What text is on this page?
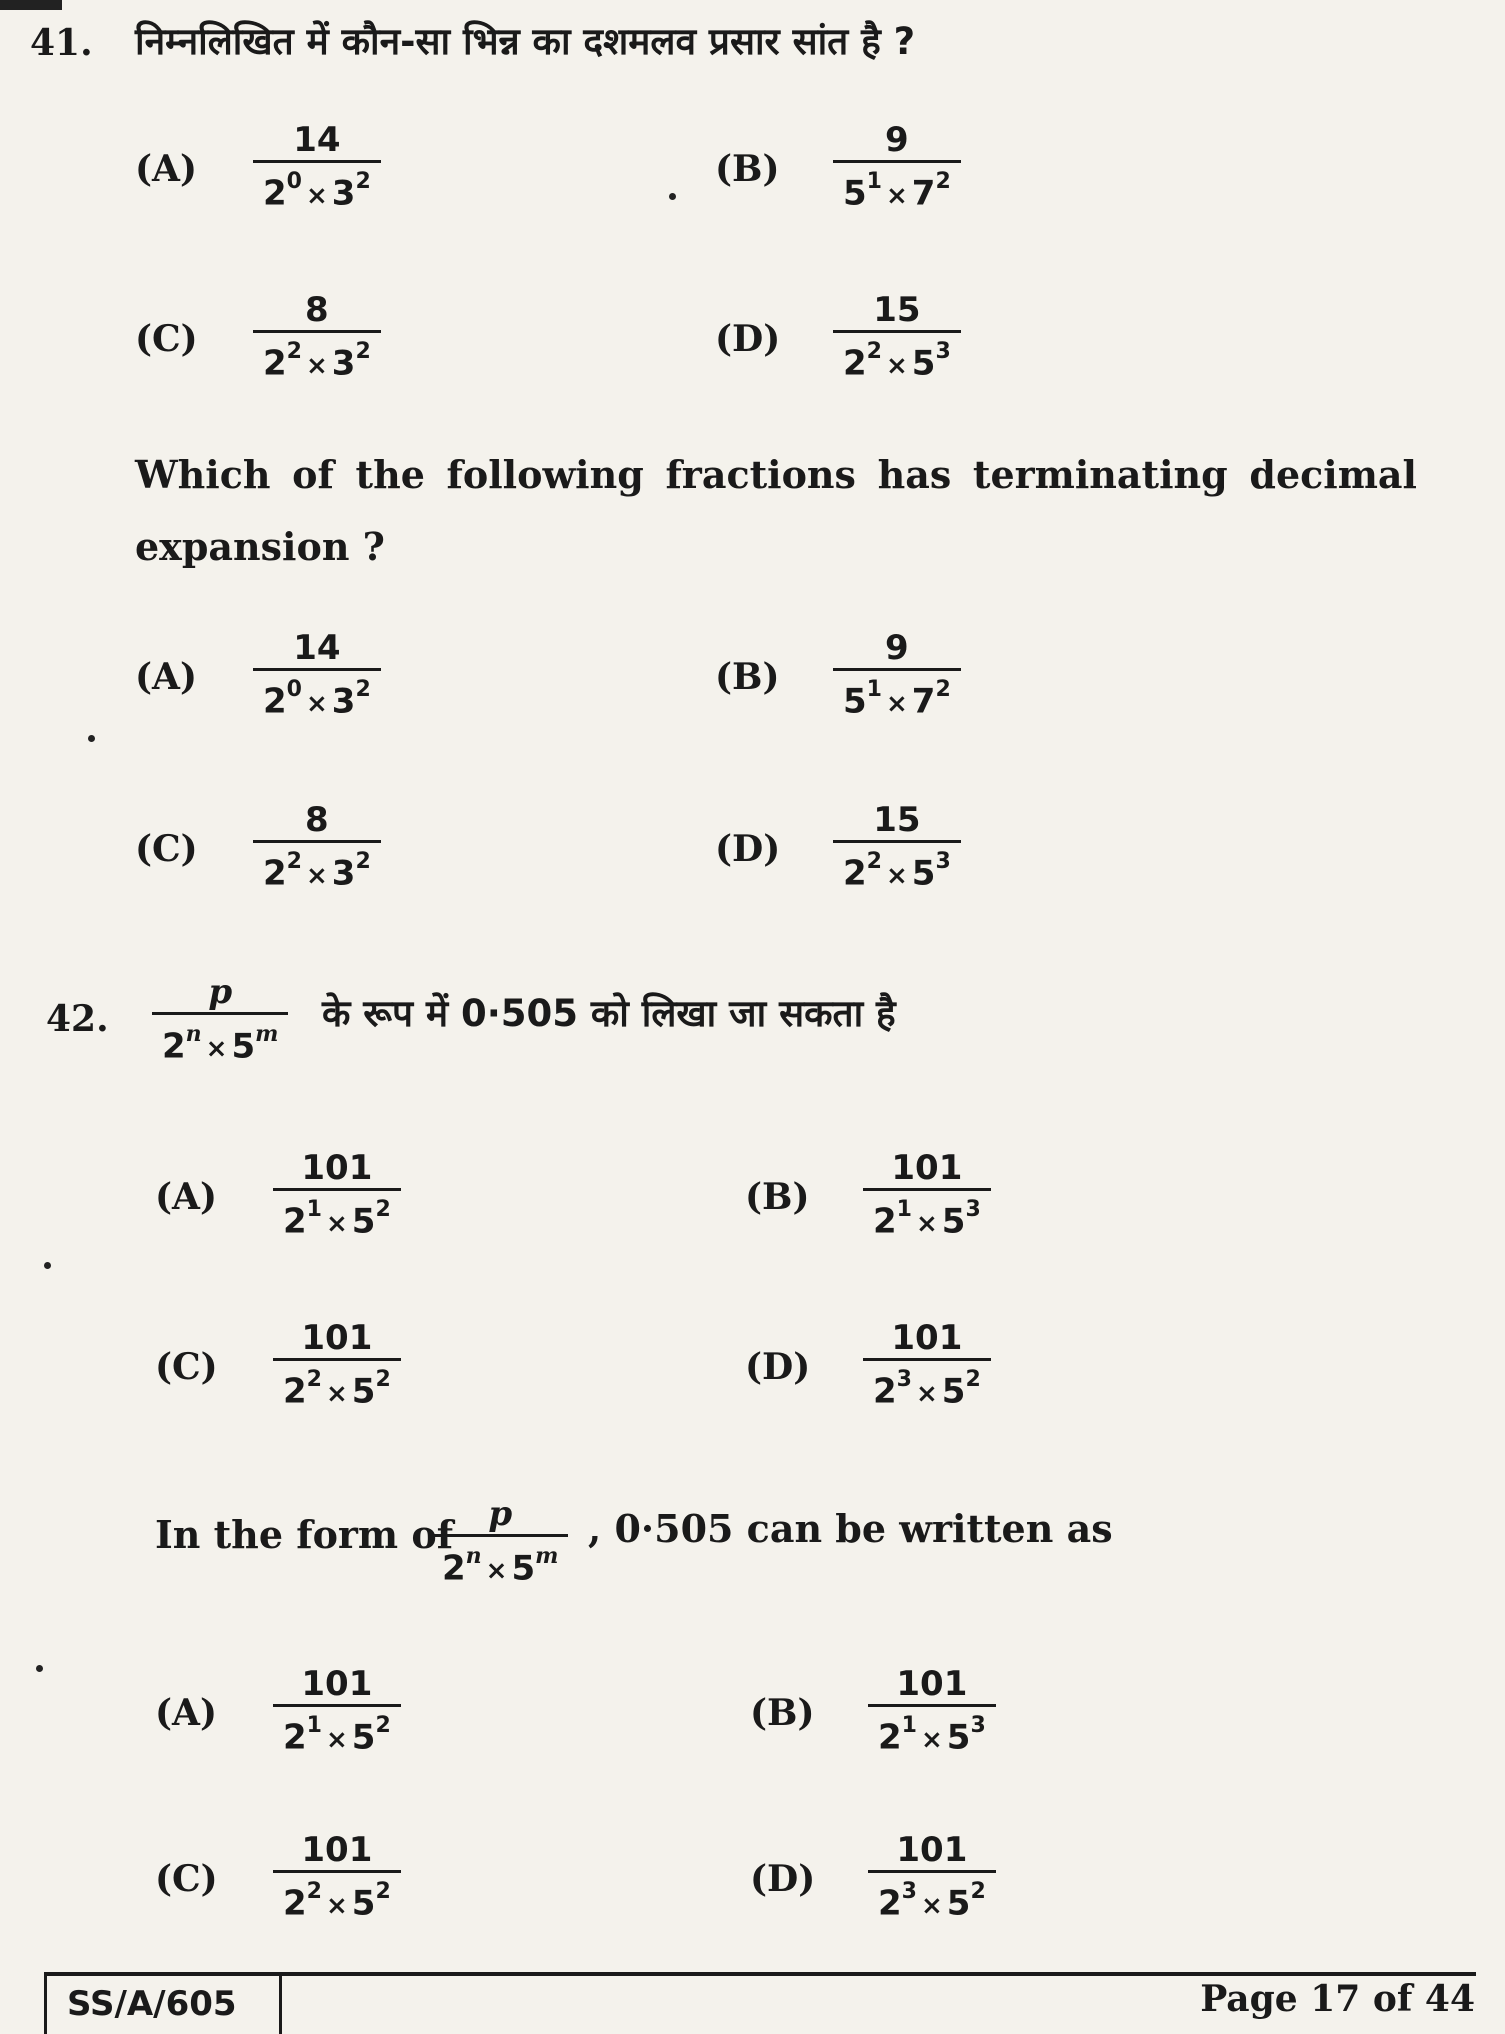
41. निम्नलिखित में कौन-सा भिन्न का दशमलव प्रसार सांत है ?
(A)	$\frac{14}{2^0 \times 3^2}$	(B)	$\frac{9}{5^1 \times 7^2}$
(C)	$\frac{8}{2^2 \times 3^2}$	(D)	$\frac{15}{2^2 \times 5^3}$
Which of the following fractions has terminating decimal
expansion ?
(A)	$\frac{14}{2^0 \times 3^2}$	(B)	$\frac{9}{5^1 \times 7^2}$
(C)	$\frac{8}{2^2 \times 3^2}$	(D)	$\frac{15}{2^2 \times 5^3}$
42. $\frac{p}{2^n\times 5^m}$ के रूप में 0·505 को लिखा जा सकता है
(A)	$\frac{101}{2^1 \times 5^2}$	(B)	$\frac{101}{2^1 \times 5^3}$
(C)	$\frac{101}{2^2 \times 5^2}$	(D)	$\frac{101}{2^3 \times 5^2}$
In the form of
$\frac{p}{2^n\times 5^m}$ , 0·505 can be written as
(A)	$\frac{101}{2^1 \times 5^2}$	(B)	$\frac{101}{2^1 \times 5^3}$
(C)	$\frac{101}{2^2 \times 5^2}$	(D)	$\frac{101}{2^3 \times 5^2}$
SS/A/605	Page 17 of 44
